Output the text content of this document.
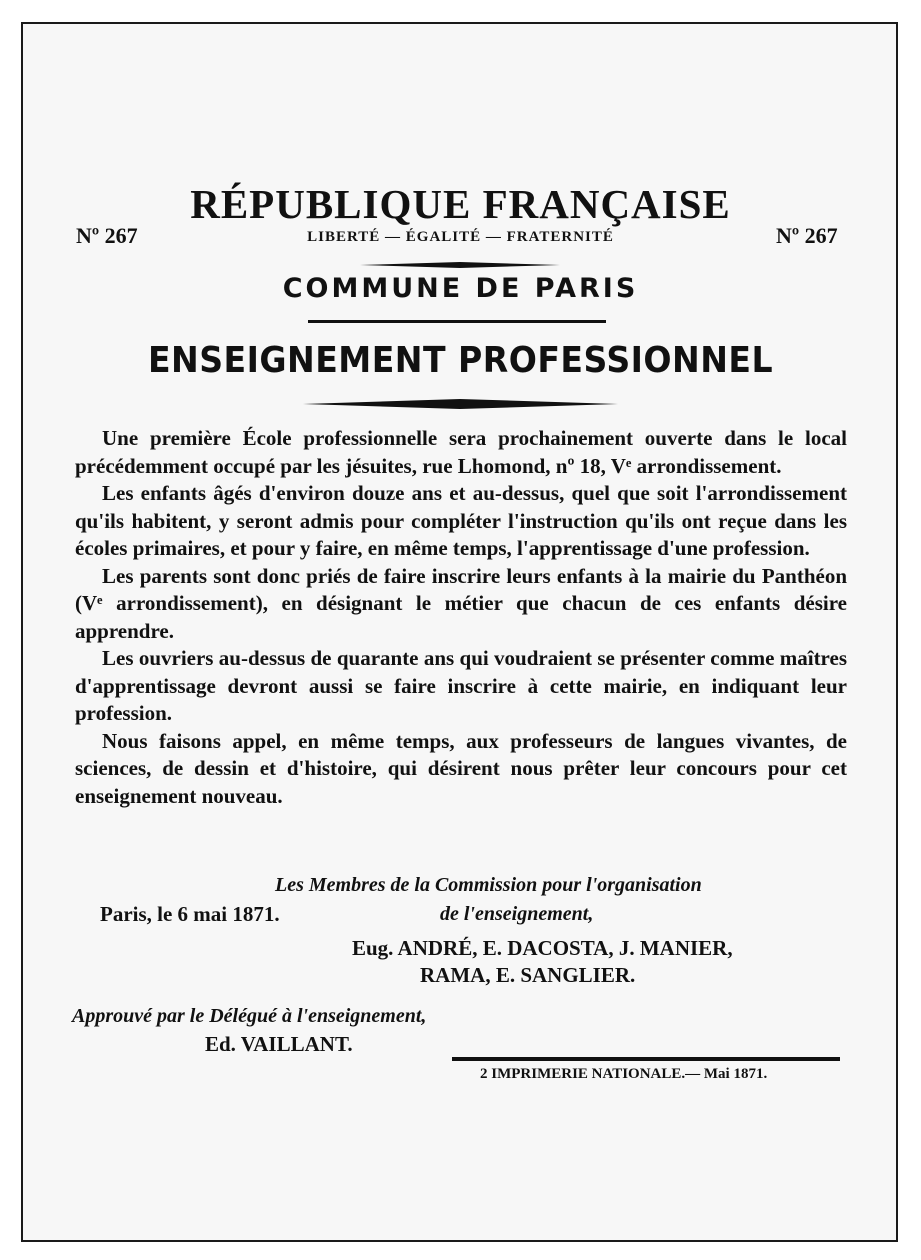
Nº 267	Nº 267
RÉPUBLIQUE FRANÇAISE
LIBERTÉ — ÉGALITÉ — FRATERNITÉ
COMMUNE DE PARIS
ENSEIGNEMENT PROFESSIONNEL

Une première École professionnelle sera prochainement ouverte dans le local précédemment occupé par les jésuites, rue Lhomond, nº 18, Vᵉ arrondissement.

Les enfants âgés d'environ douze ans et au-dessus, quel que soit l'arrondissement qu'ils habitent, y seront admis pour compléter l'instruction qu'ils ont reçue dans les écoles primaires, et pour y faire, en même temps, l'apprentissage d'une profession.

Les parents sont donc priés de faire inscrire leurs enfants à la mairie du Panthéon (Vᵉ arrondissement), en désignant le métier que chacun de ces enfants désire apprendre.

Les ouvriers au-dessus de quarante ans qui voudraient se présenter comme maîtres d'apprentissage devront aussi se faire inscrire à cette mairie, en indiquant leur profession.

Nous faisons appel, en même temps, aux professeurs de langues vivantes, de sciences, de dessin et d'histoire, qui désirent nous prêter leur concours pour cet enseignement nouveau.

Les Membres de la Commission pour l'organisation
Paris, le 6 mai 1871.	de l'enseignement,
Eug. ANDRÉ, E. DACOSTA, J. MANIER,
RAMA, E. SANGLIER.
Approuvé par le Délégué à l'enseignement,
Ed. VAILLANT.
2 IMPRIMERIE NATIONALE.— Mai 1871.
